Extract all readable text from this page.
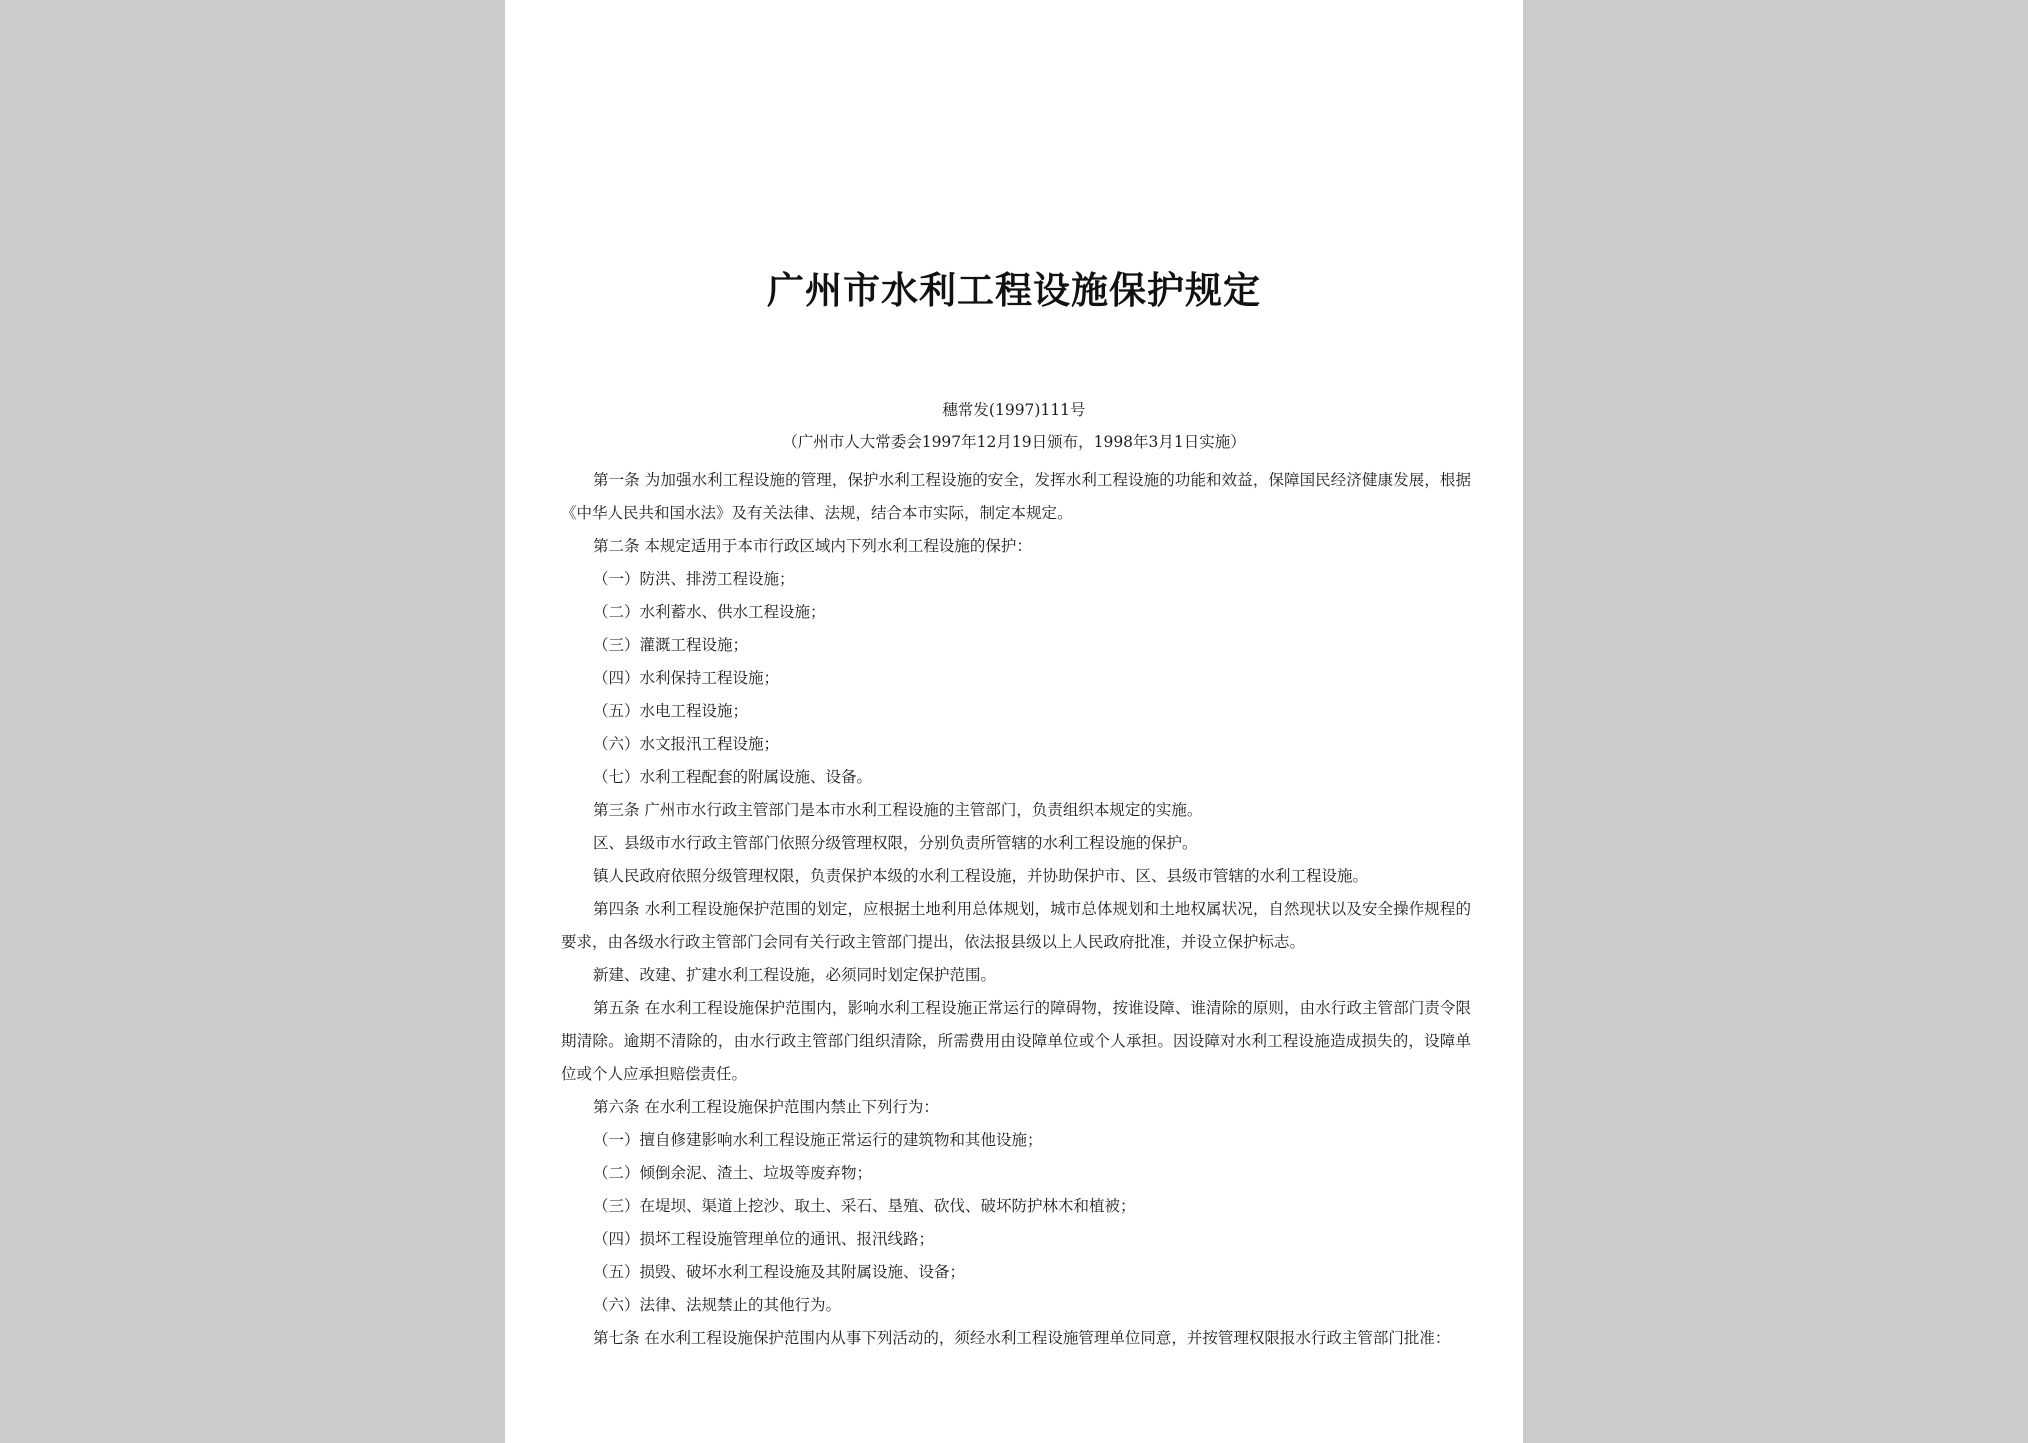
广州市水利工程设施保护规定
穗常发(1997)111号
（广州市人大常委会1997年12月19日颁布，1998年3月1日实施）

第一条 为加强水利工程设施的管理，保护水利工程设施的安全，发挥水利工程设施的功能和效益，保障国民经济健康发展，根据《中华人民共和国水法》及有关法律、法规，结合本市实际，制定本规定。

第二条 本规定适用于本市行政区域内下列水利工程设施的保护：

（一）防洪、排涝工程设施；

（二）水利蓄水、供水工程设施；

（三）灌溉工程设施；

（四）水利保持工程设施；

（五）水电工程设施；

（六）水文报汛工程设施；

（七）水利工程配套的附属设施、设备。

第三条 广州市水行政主管部门是本市水利工程设施的主管部门，负责组织本规定的实施。

区、县级市水行政主管部门依照分级管理权限，分别负责所管辖的水利工程设施的保护。

镇人民政府依照分级管理权限，负责保护本级的水利工程设施，并协助保护市、区、县级市管辖的水利工程设施。

第四条 水利工程设施保护范围的划定，应根据土地利用总体规划，城市总体规划和土地权属状况，自然现状以及安全操作规程的要求，由各级水行政主管部门会同有关行政主管部门提出，依法报县级以上人民政府批准，并设立保护标志。

新建、改建、扩建水利工程设施，必须同时划定保护范围。

第五条 在水利工程设施保护范围内，影响水利工程设施正常运行的障碍物，按谁设障、谁清除的原则，由水行政主管部门责令限期清除。逾期不清除的，由水行政主管部门组织清除，所需费用由设障单位或个人承担。因设障对水利工程设施造成损失的，设障单位或个人应承担赔偿责任。

第六条 在水利工程设施保护范围内禁止下列行为：

（一）擅自修建影响水利工程设施正常运行的建筑物和其他设施；

（二）倾倒余泥、渣土、垃圾等废弃物；

（三）在堤坝、渠道上挖沙、取土、采石、垦殖、砍伐、破坏防护林木和植被；

（四）损坏工程设施管理单位的通讯、报汛线路；

（五）损毁、破坏水利工程设施及其附属设施、设备；

（六）法律、法规禁止的其他行为。

第七条 在水利工程设施保护范围内从事下列活动的，须经水利工程设施管理单位同意，并按管理权限报水行政主管部门批准：
